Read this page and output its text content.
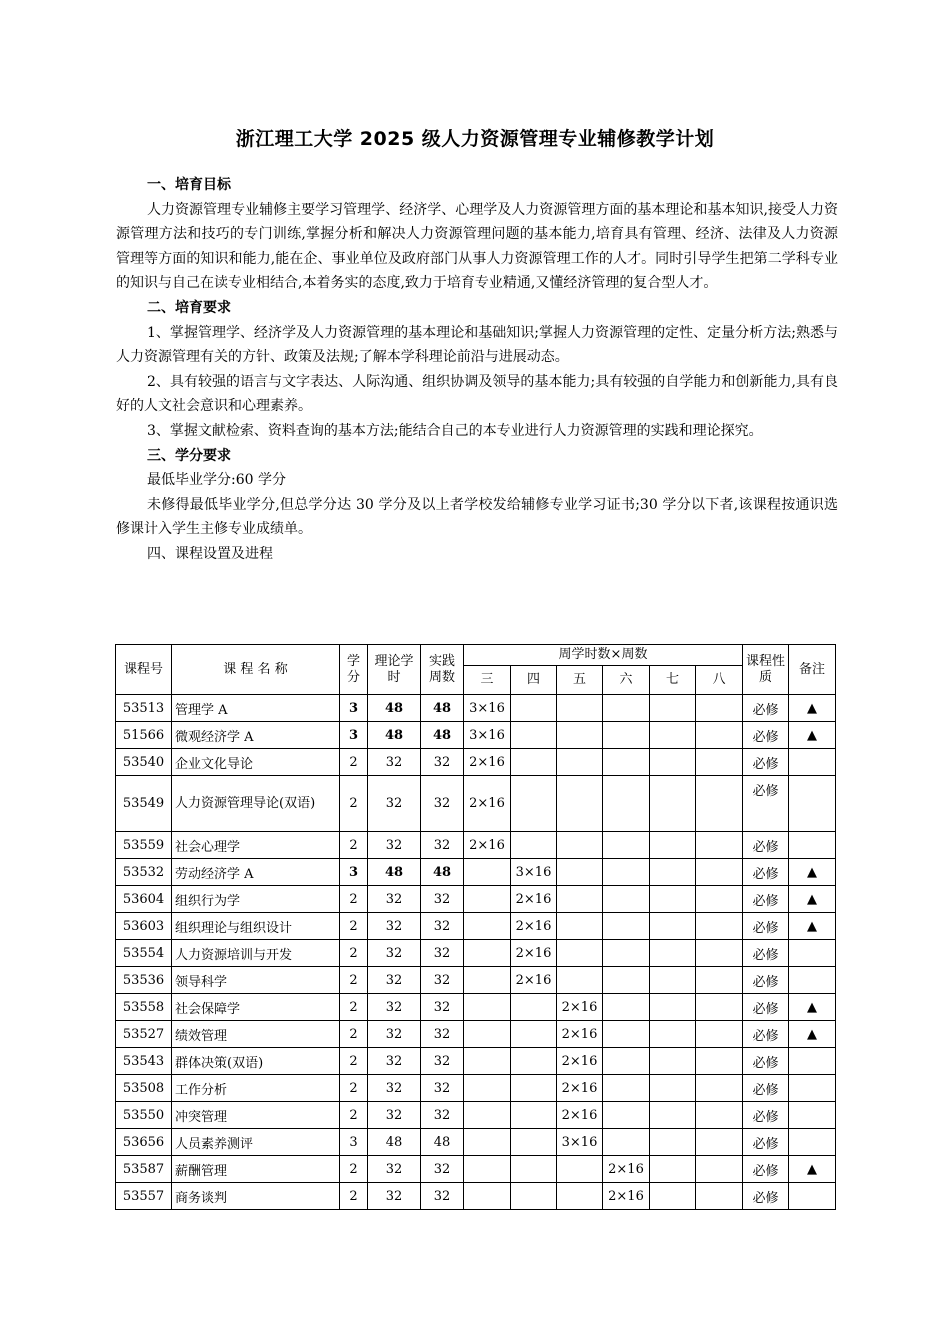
浙江理工大学 2025 级人力资源管理专业辅修教学计划

一、培育目标

人力资源管理专业辅修主要学习管理学、经济学、心理学及人力资源管理方面的基本理论和基本知识,接受人力资源管理方法和技巧的专门训练,掌握分析和解决人力资源管理问题的基本能力,培育具有管理、经济、法律及人力资源管理等方面的知识和能力,能在企、事业单位及政府部门从事人力资源管理工作的人才。同时引导学生把第二学科专业的知识与自己在读专业相结合,本着务实的态度,致力于培育专业精通,又懂经济管理的复合型人才。

二、培育要求

1、掌握管理学、经济学及人力资源管理的基本理论和基础知识;掌握人力资源管理的定性、定量分析方法;熟悉与人力资源管理有关的方针、政策及法规;了解本学科理论前沿与进展动态。

2、具有较强的语言与文字表达、人际沟通、组织协调及领导的基本能力;具有较强的自学能力和创新能力,具有良好的人文社会意识和心理素养。

3、掌握文献检索、资料查询的基本方法;能结合自己的本专业进行人力资源管理的实践和理论探究。

三、学分要求

最低毕业学分:60 学分

未修得最低毕业学分,但总学分达 30 学分及以上者学校发给辅修专业学习证书;30 学分以下者,该课程按通识选修课计入学生主修专业成绩单。

四、课程设置及进程

课程号	课 程 名 称	学分	理论学时	实践周数	周学时数×周数						课程性质	备注
					三	四	五	六	七	八		
53513	管理学 A	3	48	48	3×16						必修	▲
51566	微观经济学 A	3	48	48	3×16						必修	▲
53540	企业文化导论	2	32	32	2×16						必修	
53549	人力资源管理导论(双语)	2	32	32	2×16						必修	
53559	社会心理学	2	32	32	2×16						必修	
53532	劳动经济学 A	3	48	48		3×16					必修	▲
53604	组织行为学	2	32	32		2×16					必修	▲
53603	组织理论与组织设计	2	32	32		2×16					必修	▲
53554	人力资源培训与开发	2	32	32		2×16					必修	
53536	领导科学	2	32	32		2×16					必修	
53558	社会保障学	2	32	32			2×16				必修	▲
53527	绩效管理	2	32	32			2×16				必修	▲
53543	群体决策(双语)	2	32	32			2×16				必修	
53508	工作分析	2	32	32			2×16				必修	
53550	冲突管理	2	32	32			2×16				必修	
53656	人员素养测评	3	48	48			3×16				必修	
53587	薪酬管理	2	32	32				2×16			必修	▲
53557	商务谈判	2	32	32				2×16			必修	
